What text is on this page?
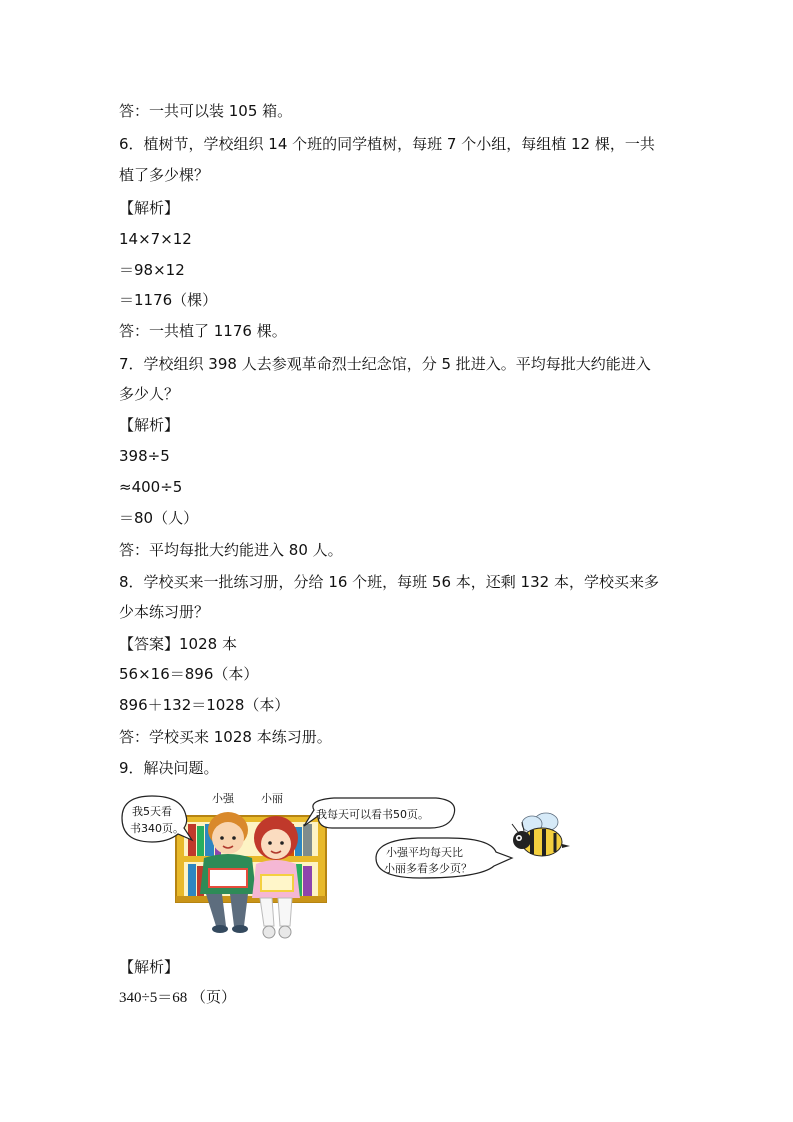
答：一共可以装 105 箱。
6．植树节，学校组织 14 个班的同学植树，每班 7 个小组，每组植 12 棵，一共
植了多少棵？
【解析】
14×7×12
＝98×12
＝1176（棵）
答：一共植了 1176 棵。
7．学校组织 398 人去参观革命烈士纪念馆，分 5 批进入。平均每批大约能进入
多少人？
【解析】
398÷5
≈400÷5
＝80（人）
答：平均每批大约能进入 80 人。
8．学校买来一批练习册，分给 16 个班，每班 56 本，还剩 132 本，学校买来多
少本练习册？
【答案】1028 本
56×16＝896（本）
896＋132＝1028（本）
答：学校买来 1028 本练习册。
9．解决问题。
小强 小丽
我5天看
书340页。
我每天可以看书50页。
小强平均每天比
小丽多看多少页？
【解析】
340÷5＝68 （页）
